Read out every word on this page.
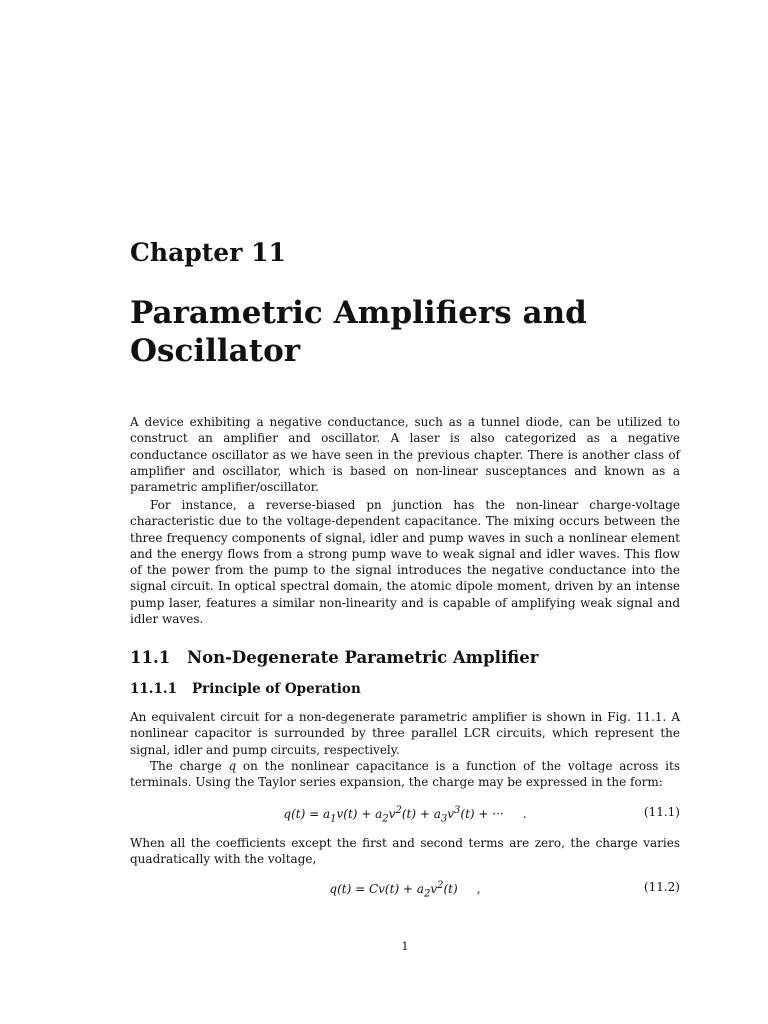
Chapter 11
Parametric Amplifiers and Oscillator

A device exhibiting a negative conductance, such as a tunnel diode, can be utilized to construct an amplifier and oscillator. A laser is also categorized as a negative conductance oscillator as we have seen in the previous chapter. There is another class of amplifier and oscillator, which is based on non-linear susceptances and known as a parametric amplifier/oscillator.

For instance, a reverse-biased pn junction has the non-linear charge-voltage characteristic due to the voltage-dependent capacitance. The mixing occurs between the three frequency components of signal, idler and pump waves in such a nonlinear element and the energy flows from a strong pump wave to weak signal and idler waves. This flow of the power from the pump to the signal introduces the negative conductance into the signal circuit. In optical spectral domain, the atomic dipole moment, driven by an intense pump laser, features a similar non-linearity and is capable of amplifying weak signal and idler waves.

11.1 Non-Degenerate Parametric Amplifier
11.1.1 Principle of Operation

An equivalent circuit for a non-degenerate parametric amplifier is shown in Fig. 11.1. A nonlinear capacitor is surrounded by three parallel LCR circuits, which represent the signal, idler and pump circuits, respectively.

The charge q on the nonlinear capacitance is a function of the voltage across its terminals. Using the Taylor series expansion, the charge may be expressed in the form:

$q(t) = a_1v(t) + a_2v^2(t) + a_3v^3(t)$ + ···     .	(11.1)

When all the coefficients except the first and second terms are zero, the charge varies quadratically with the voltage,

$q(t) = Cv(t) + a_2v^2(t)$     ,	(11.2)
1
